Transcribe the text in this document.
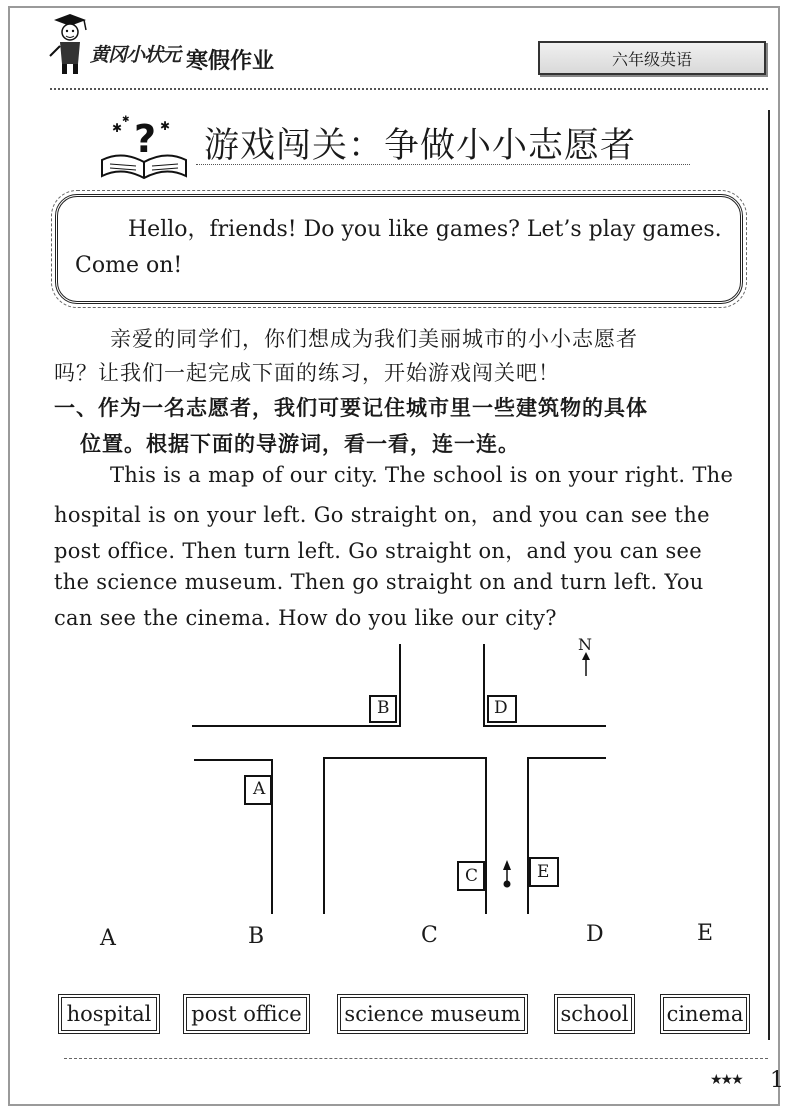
黄冈小状元 寒假作业	六年级英语
?
✱	✱
✱
游戏闯关：争做小小志愿者
Hello，friends! Do you like games? Let’s play games.
Come on!
亲爱的同学们，你们想成为我们美丽城市的小小志愿者
吗？让我们一起完成下面的练习，开始游戏闯关吧！
一、作为一名志愿者，我们可要记住城市里一些建筑物的具体
位置。根据下面的导游词，看一看，连一连。
This is a map of our city. The school is on your right. The
hospital is on your left. Go straight on，and you can see the
post office. Then turn left. Go straight on，and you can see
the science museum. Then go straight on and turn left. You
can see the cinema. How do you like our city?
N
B	D
A
C	E
A	B	C	D	E
hospital post office science museum school cinema
★★★ 1
